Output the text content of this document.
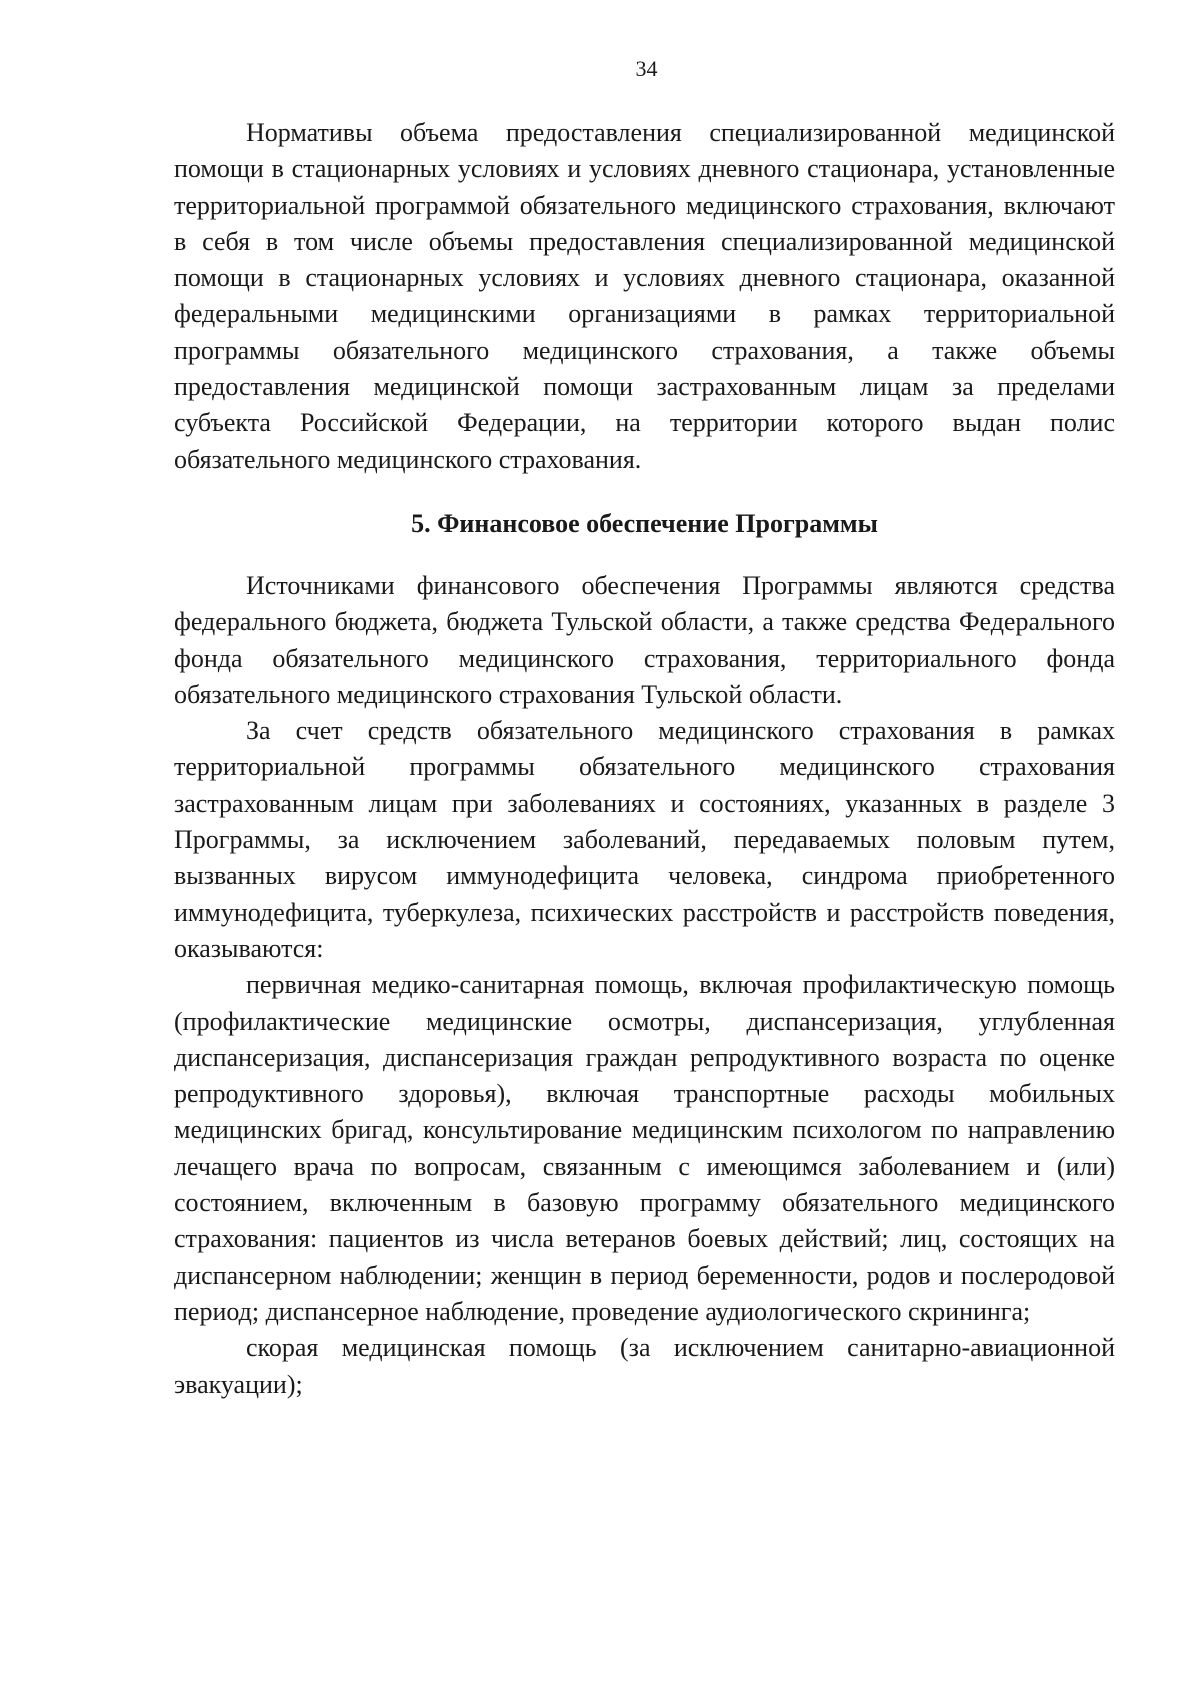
34

Нормативы объема предоставления специализированной медицинской помощи в стационарных условиях и условиях дневного стационара, установленные территориальной программой обязательного медицинского страхования, включают в себя в том числе объемы предоставления специализированной медицинской помощи в стационарных условиях и условиях дневного стационара, оказанной федеральными медицинскими организациями в рамках территориальной программы обязательного медицинского страхования, а также объемы предоставления медицинской помощи застрахованным лицам за пределами субъекта Российской Федерации, на территории которого выдан полис обязательного медицинского страхования.

5. Финансовое обеспечение Программы

Источниками финансового обеспечения Программы являются средства федерального бюджета, бюджета Тульской области, а также средства Федерального фонда обязательного медицинского страхования, территориального фонда обязательного медицинского страхования Тульской области.

За счет средств обязательного медицинского страхования в рамках территориальной программы обязательного медицинского страхования застрахованным лицам при заболеваниях и состояниях, указанных в разделе 3 Программы, за исключением заболеваний, передаваемых половым путем, вызванных вирусом иммунодефицита человека, синдрома приобретенного иммунодефицита, туберкулеза, психических расстройств и расстройств поведения, оказываются:

первичная медико-санитарная помощь, включая профилактическую помощь (профилактические медицинские осмотры, диспансеризация, углубленная диспансеризация, диспансеризация граждан репродуктивного возраста по оценке репродуктивного здоровья), включая транспортные расходы мобильных медицинских бригад, консультирование медицинским психологом по направлению лечащего врача по вопросам, связанным с имеющимся заболеванием и (или) состоянием, включенным в базовую программу обязательного медицинского страхования: пациентов из числа ветеранов боевых действий; лиц, состоящих на диспансерном наблюдении; женщин в период беременности, родов и послеродовой период; диспансерное наблюдение, проведение аудиологического скрининга;

скорая медицинская помощь (за исключением санитарно-авиационной эвакуации);
